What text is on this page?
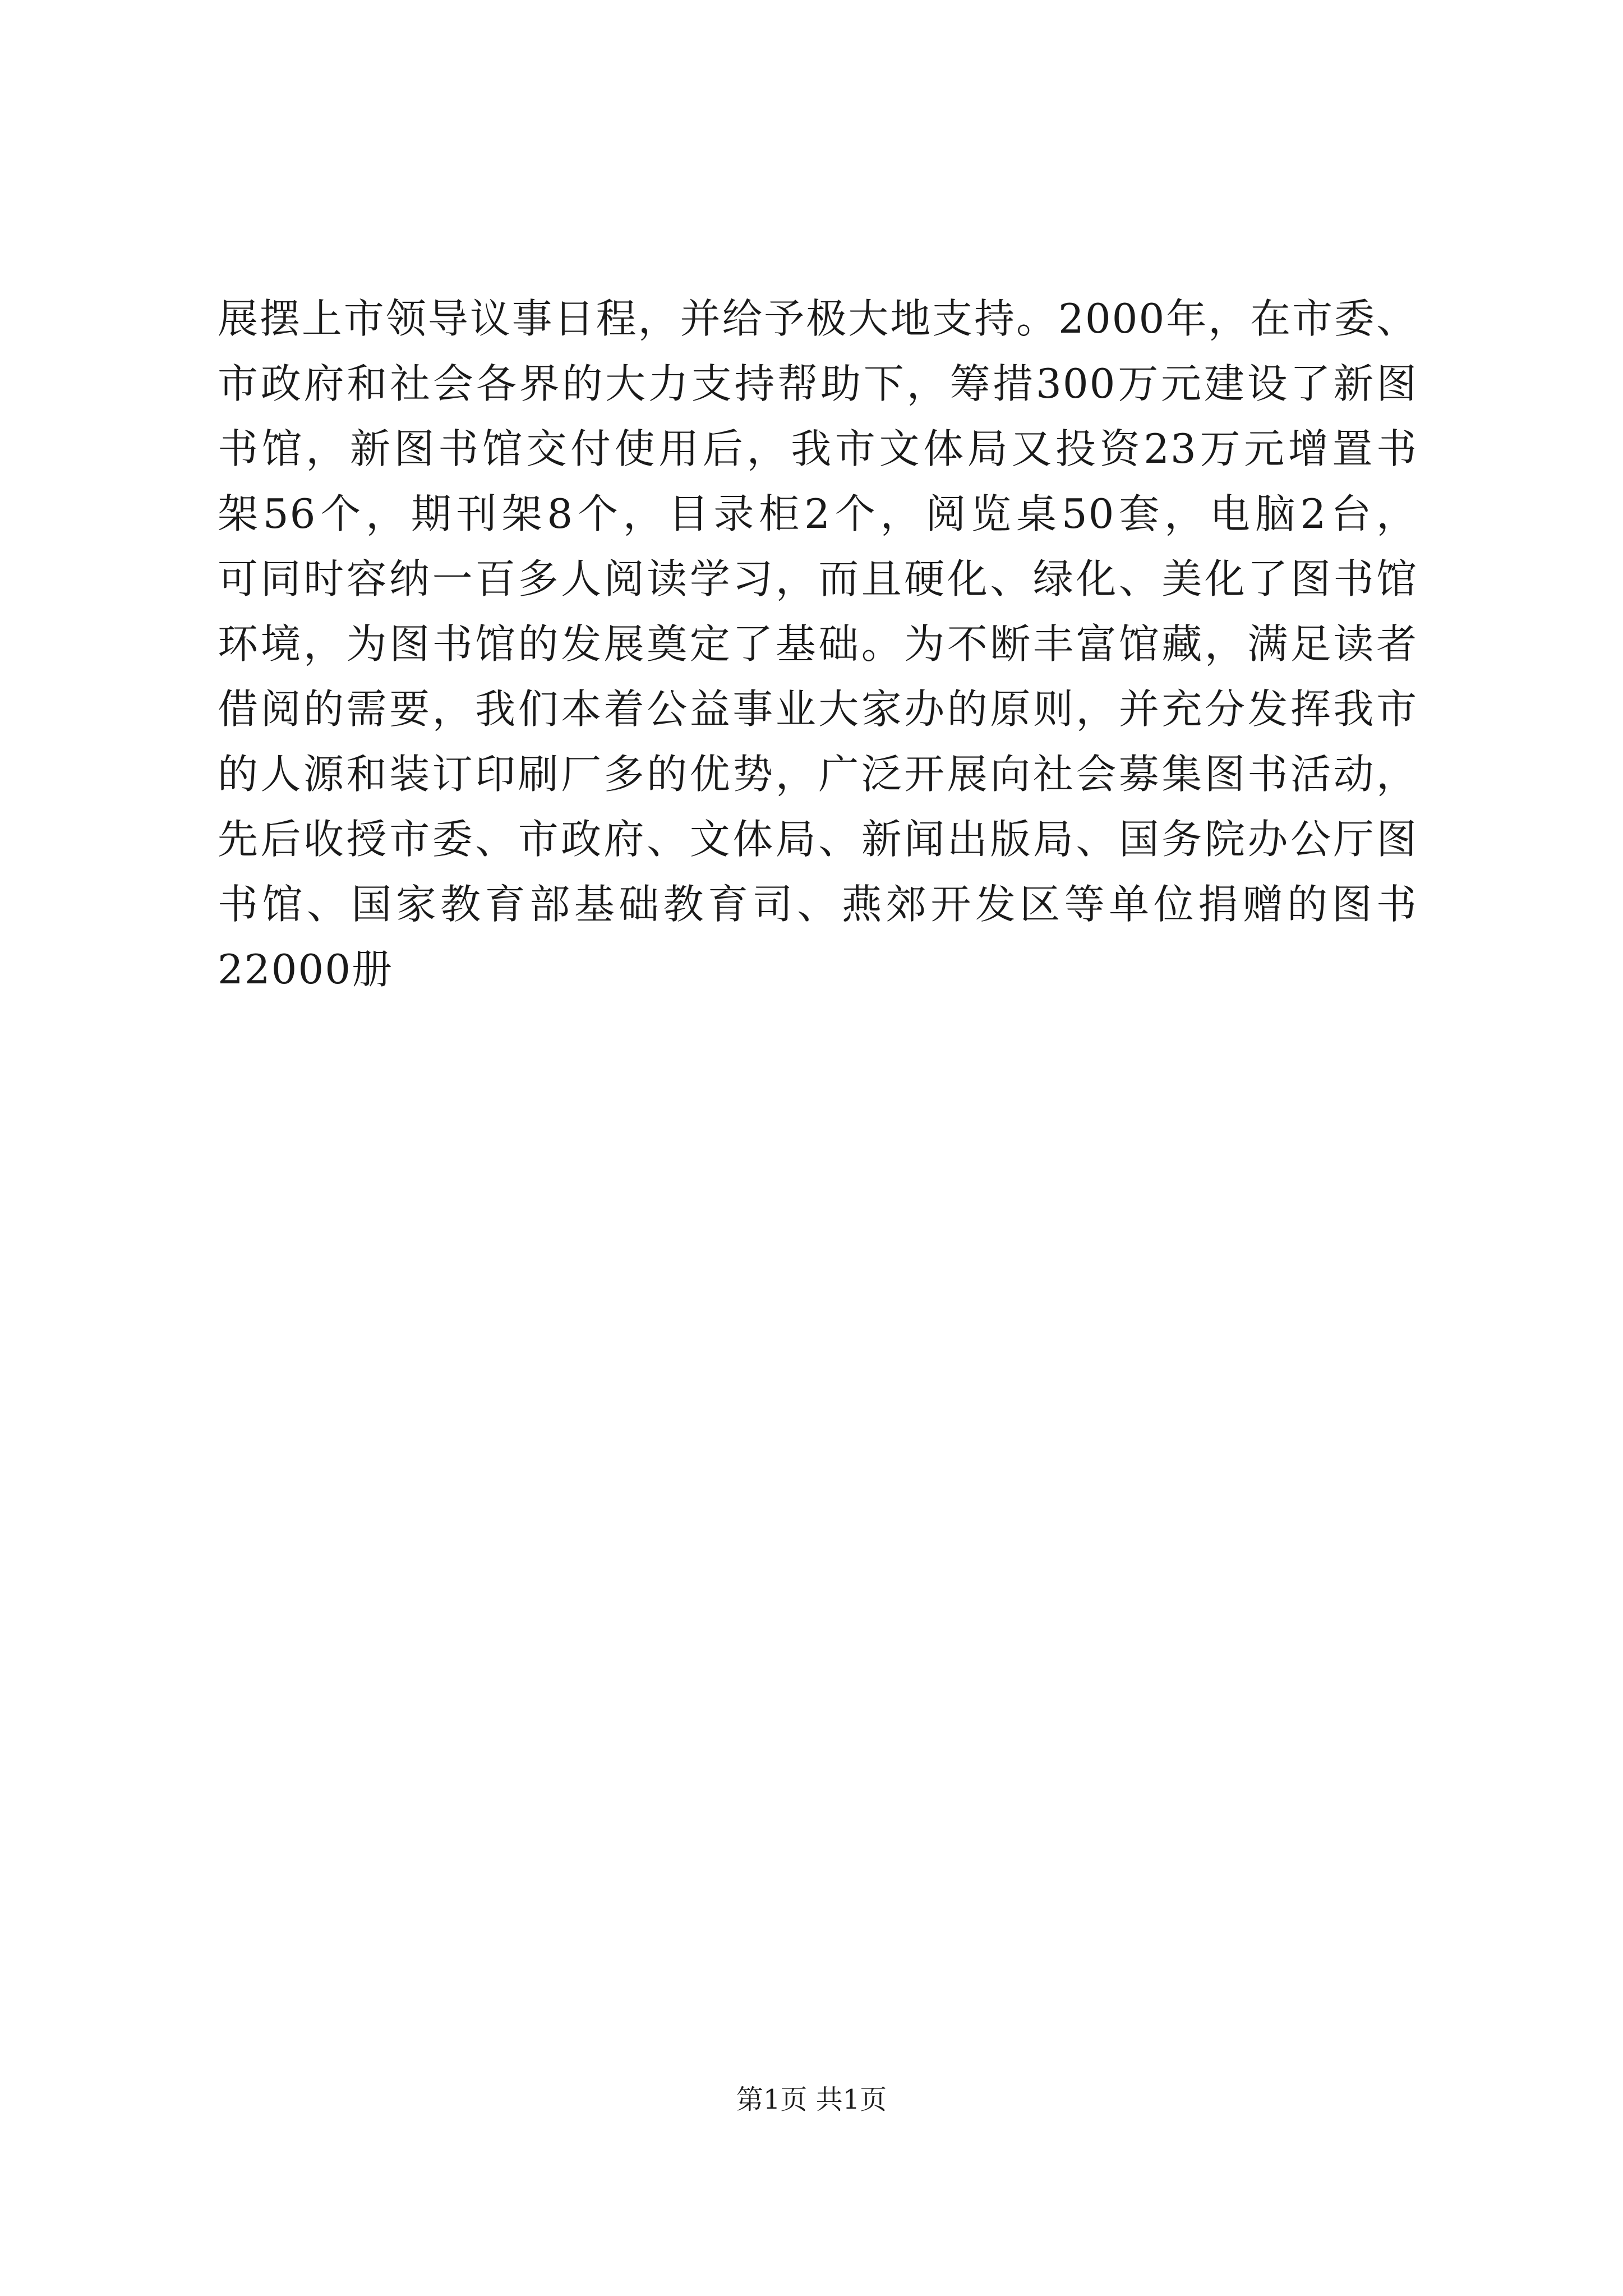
展摆上市领导议事日程，并给予极大地支持。2000年，在市委、
市政府和社会各界的大力支持帮助下，筹措300万元建设了新图
书馆，新图书馆交付使用后，我市文体局又投资23万元增置书
架56个，期刊架8个，目录柜2个，阅览桌50套，电脑2台，
可同时容纳一百多人阅读学习，而且硬化、绿化、美化了图书馆
环境，为图书馆的发展奠定了基础。为不断丰富馆藏，满足读者
借阅的需要，我们本着公益事业大家办的原则，并充分发挥我市
的人源和装订印刷厂多的优势，广泛开展向社会募集图书活动，
先后收授市委、市政府、文体局、新闻出版局、国务院办公厅图
书馆、国家教育部基础教育司、燕郊开发区等单位捐赠的图书
22000册
第1页 共1页
